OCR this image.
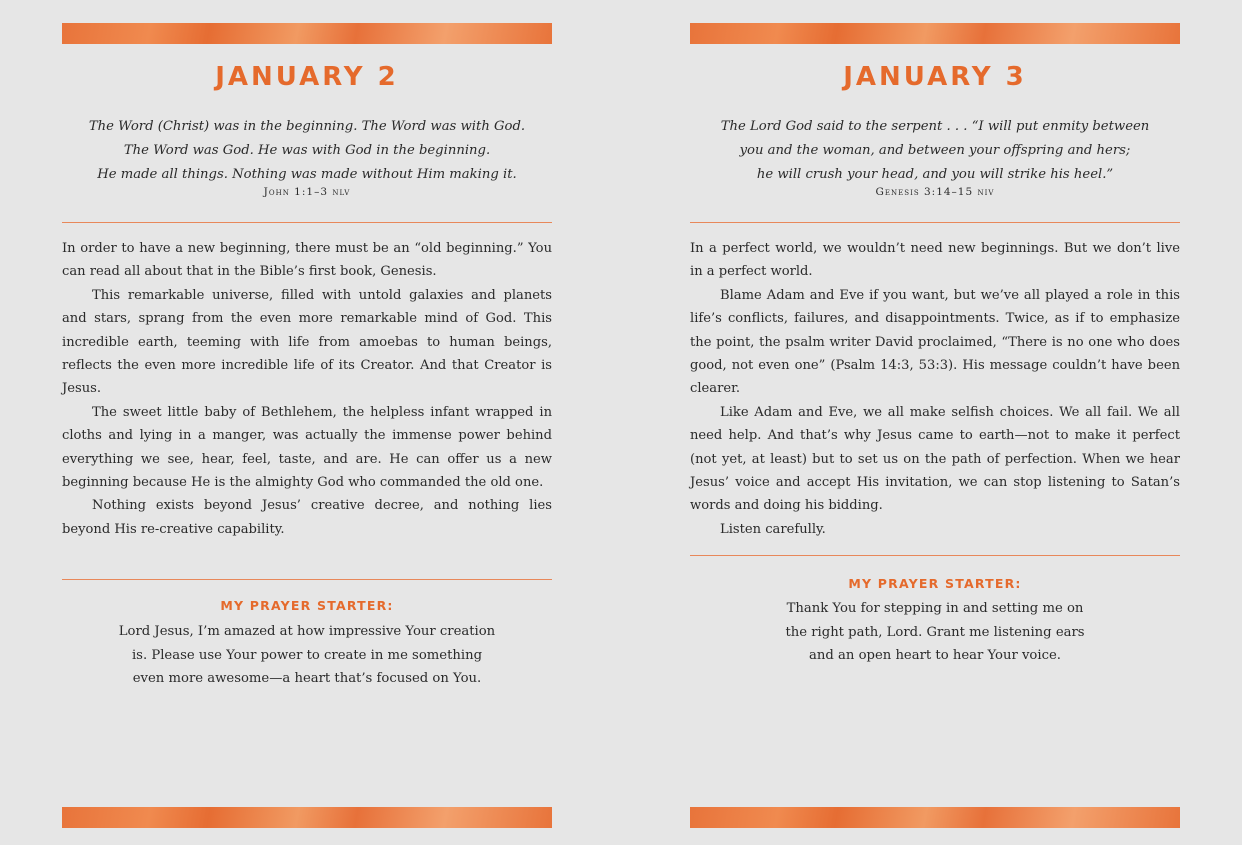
JANUARY 2
The Word (Christ) was in the beginning. The Word was with God.
The Word was God. He was with God in the beginning.
He made all things. Nothing was made without Him making it.
John 1:1–3 nlv

In order to have a new beginning, there must be an “old beginning.” You can read all about that in the Bible’s first book, Genesis.

This remarkable universe, filled with untold galaxies and planets and stars, sprang from the even more remarkable mind of God. This incredible earth, teeming with life from amoebas to human beings, reflects the even more incredible life of its Creator. And that Creator is Jesus.

The sweet little baby of Bethlehem, the helpless infant wrapped in cloths and lying in a manger, was actually the immense power behind everything we see, hear, feel, taste, and are. He can offer us a new beginning because He is the almighty God who commanded the old one.

Nothing exists beyond Jesus’ creative decree, and nothing lies beyond His re-creative capability.

MY PRAYER STARTER:
Lord Jesus, I’m amazed at how impressive Your creation
is. Please use Your power to create in me something
even more awesome—a heart that’s focused on You.
JANUARY 3
The Lord God said to the serpent . . . “I will put enmity between
you and the woman, and between your offspring and hers;
he will crush your head, and you will strike his heel.”
Genesis 3:14–15 niv

In a perfect world, we wouldn’t need new beginnings. But we don’t live in a perfect world.

Blame Adam and Eve if you want, but we’ve all played a role in this life’s conflicts, failures, and disappointments. Twice, as if to emphasize the point, the psalm writer David proclaimed, “There is no one who does good, not even one” (Psalm 14:3, 53:3). His message couldn’t have been clearer.

Like Adam and Eve, we all make selfish choices. We all fail. We all need help. And that’s why Jesus came to earth—not to make it perfect (not yet, at least) but to set us on the path of perfection. When we hear Jesus’ voice and accept His invitation, we can stop listening to Satan’s words and doing his bidding.

Listen carefully.

MY PRAYER STARTER:
Thank You for stepping in and setting me on
the right path, Lord. Grant me listening ears
and an open heart to hear Your voice.
